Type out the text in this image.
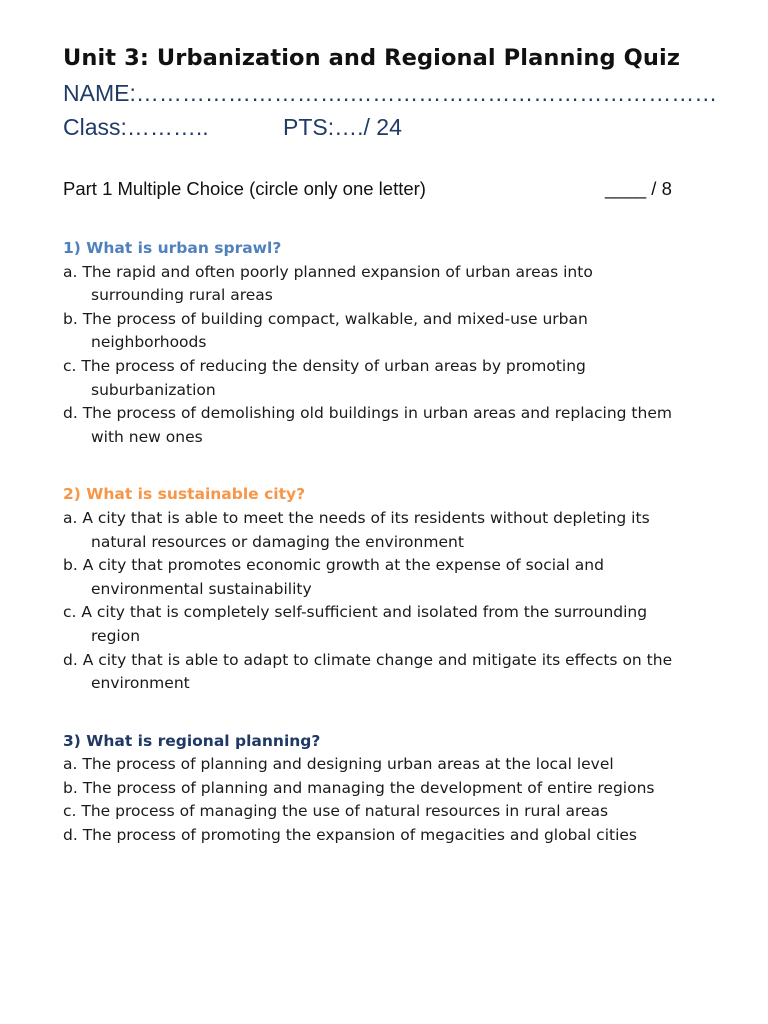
Unit 3: Urbanization and Regional Planning Quiz
NAME:……………………….…………………………………………
Class:………..	PTS:…./ 24
Part 1 Multiple Choice (circle only one letter)	____ / 8
1) What is urban sprawl?
a. The rapid and often poorly planned expansion of urban areas into
surrounding rural areas
b. The process of building compact, walkable, and mixed-use urban
neighborhoods
c. The process of reducing the density of urban areas by promoting
suburbanization
d. The process of demolishing old buildings in urban areas and replacing them
with new ones
2) What is sustainable city?
a. A city that is able to meet the needs of its residents without depleting its
natural resources or damaging the environment
b. A city that promotes economic growth at the expense of social and
environmental sustainability
c. A city that is completely self-sufficient and isolated from the surrounding
region
d. A city that is able to adapt to climate change and mitigate its effects on the
environment
3) What is regional planning?
a. The process of planning and designing urban areas at the local level
b. The process of planning and managing the development of entire regions
c. The process of managing the use of natural resources in rural areas
d. The process of promoting the expansion of megacities and global cities
